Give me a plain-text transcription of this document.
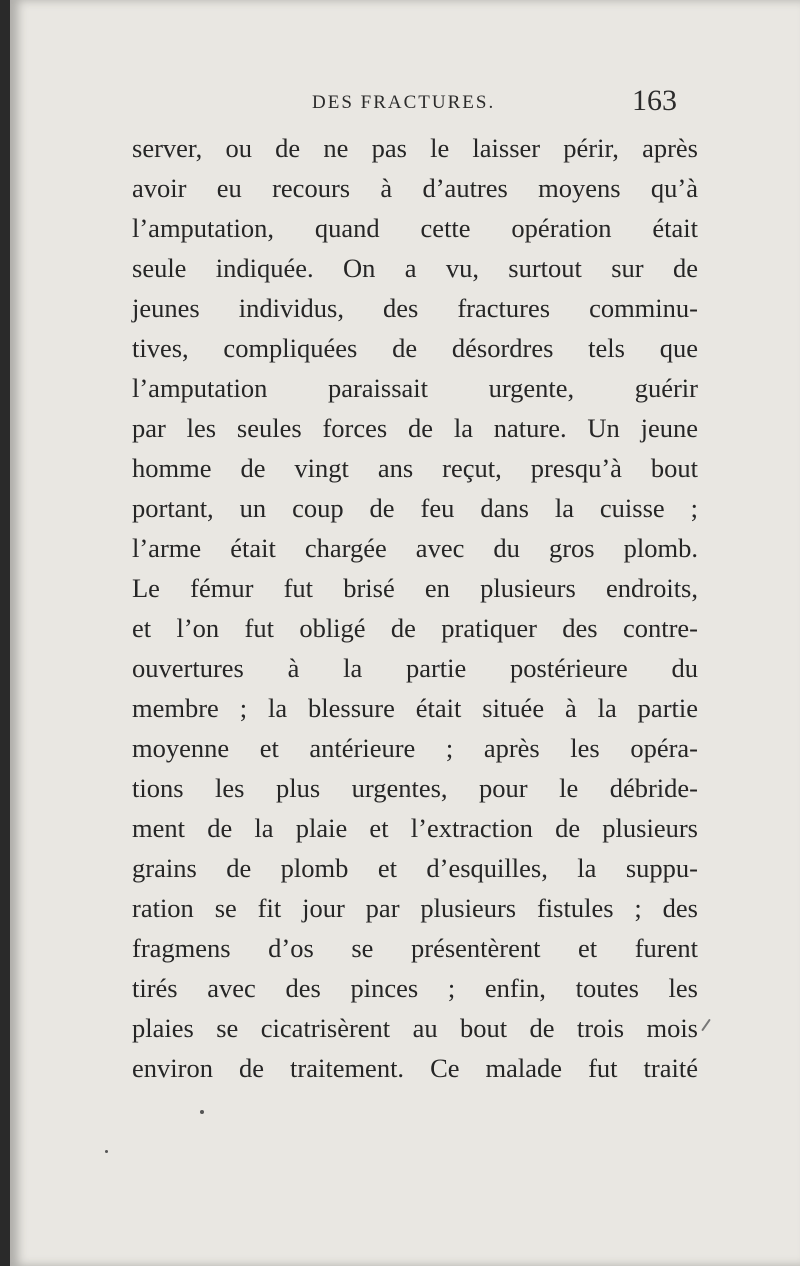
DES FRACTURES.	163
server, ou de ne pas le laisser périr, après
avoir eu recours à d’autres moyens qu’à
l’amputation, quand cette opération était
seule indiquée. On a vu, surtout sur de
jeunes individus, des fractures comminu-
tives, compliquées de désordres tels que
l’amputation paraissait urgente, guérir
par les seules forces de la nature. Un jeune
homme de vingt ans reçut, presqu’à bout
portant, un coup de feu dans la cuisse ;
l’arme était chargée avec du gros plomb.
Le fémur fut brisé en plusieurs endroits,
et l’on fut obligé de pratiquer des contre-
ouvertures à la partie postérieure du
membre ; la blessure était située à la partie
moyenne et antérieure ; après les opéra-
tions les plus urgentes, pour le débride-
ment de la plaie et l’extraction de plusieurs
grains de plomb et d’esquilles, la suppu-
ration se fit jour par plusieurs fistules ; des
fragmens d’os se présentèrent et furent
tirés avec des pinces ; enfin, toutes les
plaies se cicatrisèrent au bout de trois mois
environ de traitement. Ce malade fut traité
